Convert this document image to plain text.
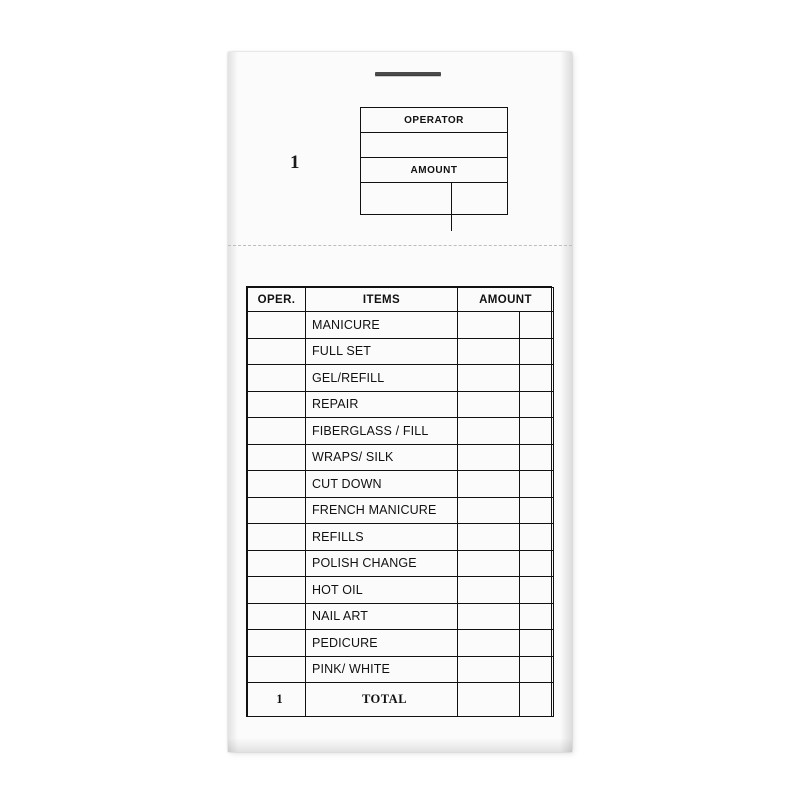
1
OPERATOR
AMOUNT
OPER.	ITEMS	AMOUNT	
	MANICURE		
	FULL SET		
	GEL/REFILL		
	REPAIR		
	FIBERGLASS / FILL		
	WRAPS/ SILK		
	CUT DOWN		
	FRENCH MANICURE		
	REFILLS		
	POLISH CHANGE		
	HOT OIL		
	NAIL ART		
	PEDICURE		
	PINK/ WHITE		
1	TOTAL		
